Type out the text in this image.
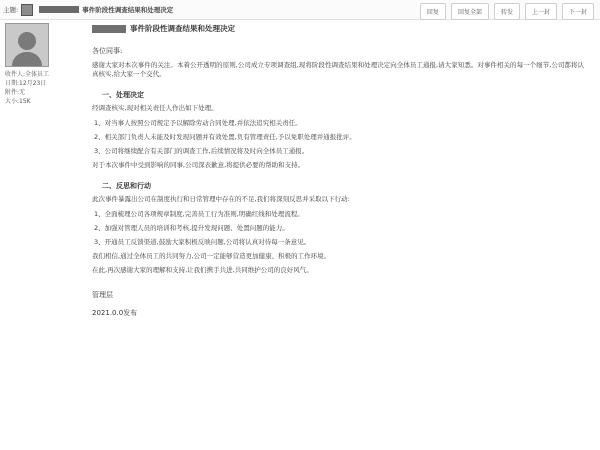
主题:	事件阶段性调查结果和处理决定	回复	回复全部	转发	上一封	下一封
收件人:全体员工
日期:12月23日
附件:无
大小:15K
事件阶段性调查结果和处理决定
各位同事:

感谢大家对本次事件的关注。本着公开透明的原则,公司成立专项调查组,现将阶段性调查结果和处理决定向全体员工通报,请大家知悉。对事件相关的每一个细节,公司都将认真核实,给大家一个交代。

一、处理决定

经调查核实,现对相关责任人作出如下处理。

1、对当事人按照公司规定予以解除劳动合同处理,并依法追究相关责任。
2、相关部门负责人未能及时发现问题并有效处置,负有管理责任,予以免职处理并通报批评。
3、公司将继续配合有关部门的调查工作,后续情况将及时向全体员工通报。

对于本次事件中受到影响的同事,公司深表歉意,将提供必要的帮助和支持。

二、反思和行动

此次事件暴露出公司在制度执行和日常管理中存在的不足,我们将深刻反思并采取以下行动:

1、全面梳理公司各项规章制度,完善员工行为准则,明确红线和处理流程。
2、加强对管理人员的培训和考核,提升发现问题、处置问题的能力。
3、开通员工反馈渠道,鼓励大家积极反映问题,公司将认真对待每一条意见。

我们相信,通过全体员工的共同努力,公司一定能够营造更加健康、积极的工作环境。

在此,再次感谢大家的理解和支持,让我们携手共进,共同维护公司的良好风气。

管理层
2021.0.0发布
